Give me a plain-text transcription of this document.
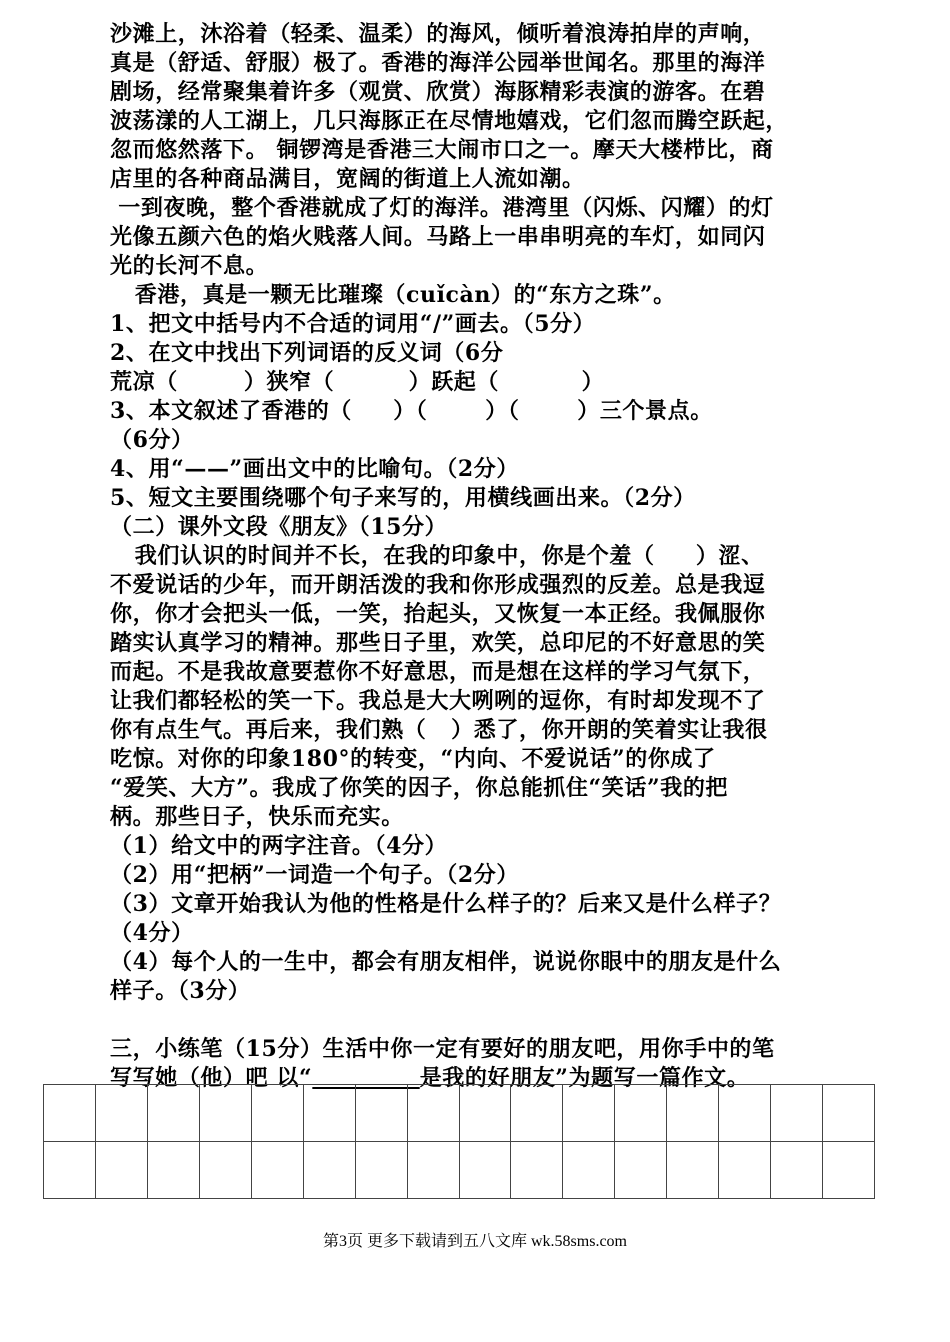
沙滩上，沐浴着（轻柔、温柔）的海风，倾听着浪涛拍岸的声响，
真是（舒适、舒服）极了。香港的海洋公园举世闻名。那里的海洋
剧场，经常聚集着许多（观赏、欣赏）海豚精彩表演的游客。在碧
波荡漾的人工湖上，几只海豚正在尽情地嬉戏，它们忽而腾空跃起，
忽而悠然落下。 铜锣湾是香港三大闹市口之一。摩天大楼栉比，商
店里的各种商品满目，宽阔的街道上人流如潮。
一到夜晚，整个香港就成了灯的海洋。港湾里（闪烁、闪耀）的灯
光像五颜六色的焰火贱落人间。马路上一串串明亮的车灯，如同闪
光的长河不息。
香港，真是一颗无比璀璨（cuǐcàn）的“东方之珠”。
1、把文中括号内不合适的词用“/”画去。（5分）
2、在文中找出下列词语的反义词（6分
荒凉（        ）狭窄（         ）跃起（          ）
3、本文叙述了香港的（     ）（       ）（       ）三个景点。
（6分）
4、用“——”画出文中的比喻句。（2分）
5、短文主要围绕哪个句子来写的，用横线画出来。（2分）
（二）课外文段《朋友》（15分）
我们认识的时间并不长，在我的印象中，你是个羞（     ）涩、
不爱说话的少年，而开朗活泼的我和你形成强烈的反差。总是我逗
你，你才会把头一低，一笑，抬起头，又恢复一本正经。我佩服你
踏实认真学习的精神。那些日子里，欢笑，总印尼的不好意思的笑
而起。不是我故意要惹你不好意思，而是想在这样的学习气氛下，
让我们都轻松的笑一下。我总是大大咧咧的逗你，有时却发现不了
你有点生气。再后来，我们熟（   ）悉了，你开朗的笑着实让我很
吃惊。对你的印象180°的转变，“内向、不爱说话”的你成了
“爱笑、大方”。我成了你笑的因子，你总能抓住“笑话”我的把
柄。那些日子，快乐而充实。
（1）给文中的两字注音。（4分）
（2）用“把柄”一词造一个句子。（2分）
（3）文章开始我认为他的性格是什么样子的？后来又是什么样子？
（4分）
（4）每个人的一生中，都会有朋友相伴，说说你眼中的朋友是什么
样子。（3分）
三，小练笔（15分）生活中你一定有要好的朋友吧，用你手中的笔
写写她（他）吧 以“	是我的好朋友”为题写一篇作文。

第3页 更多下载请到五八文库 wk.58sms.com
